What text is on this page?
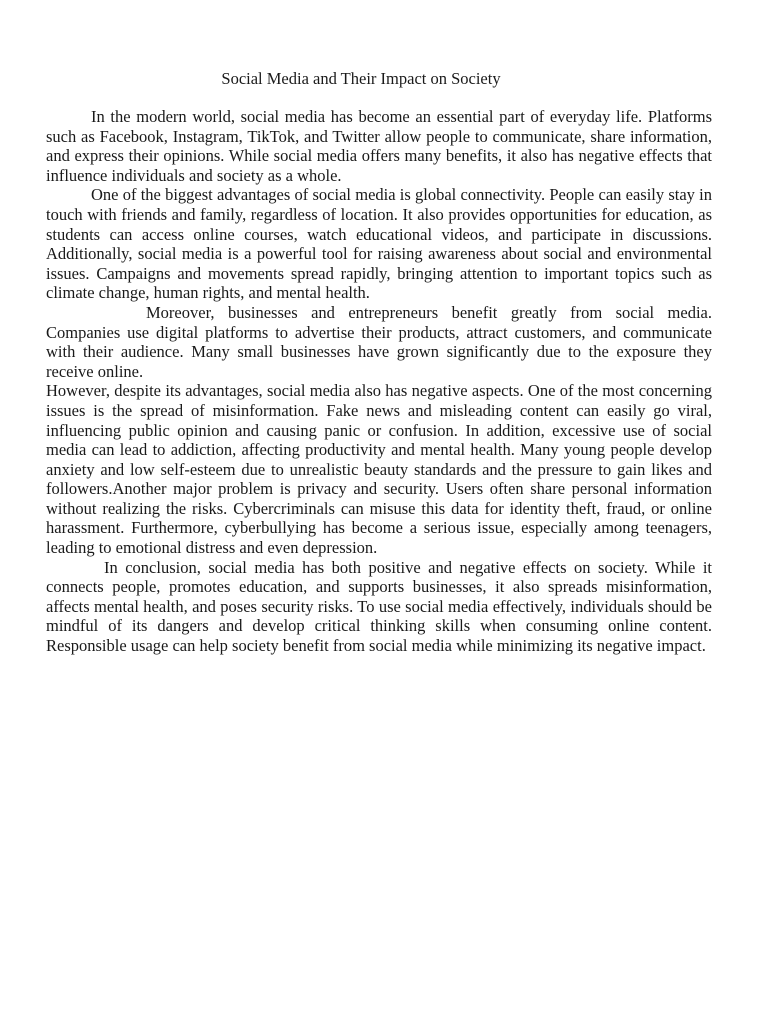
Social Media and Their Impact on Society

In the modern world, social media has become an essential part of everyday life. Platforms such as Facebook, Instagram, TikTok, and Twitter allow people to communicate, share information, and express their opinions. While social media offers many benefits, it also has negative effects that influence individuals and society as a whole.

One of the biggest advantages of social media is global connectivity. People can easily stay in touch with friends and family, regardless of location. It also provides opportunities for education, as students can access online courses, watch educational videos, and participate in discussions. Additionally, social media is a powerful tool for raising awareness about social and environmental issues. Campaigns and movements spread rapidly, bringing attention to important topics such as climate change, human rights, and mental health.

Moreover, businesses and entrepreneurs benefit greatly from social media. Companies use digital platforms to advertise their products, attract customers, and communicate with their audience. Many small businesses have grown significantly due to the exposure they receive online.

However, despite its advantages, social media also has negative aspects. One of the most concerning issues is the spread of misinformation. Fake news and misleading content can easily go viral, influencing public opinion and causing panic or confusion. In addition, excessive use of social media can lead to addiction, affecting productivity and mental health. Many young people develop anxiety and low self-esteem due to unrealistic beauty standards and the pressure to gain likes and followers.Another major problem is privacy and security. Users often share personal information without realizing the risks. Cybercriminals can misuse this data for identity theft, fraud, or online harassment. Furthermore, cyberbullying has become a serious issue, especially among teenagers, leading to emotional distress and even depression.

In conclusion, social media has both positive and negative effects on society. While it connects people, promotes education, and supports businesses, it also spreads misinformation, affects mental health, and poses security risks. To use social media effectively, individuals should be mindful of its dangers and develop critical thinking skills when consuming online content. Responsible usage can help society benefit from social media while minimizing its negative impact.
